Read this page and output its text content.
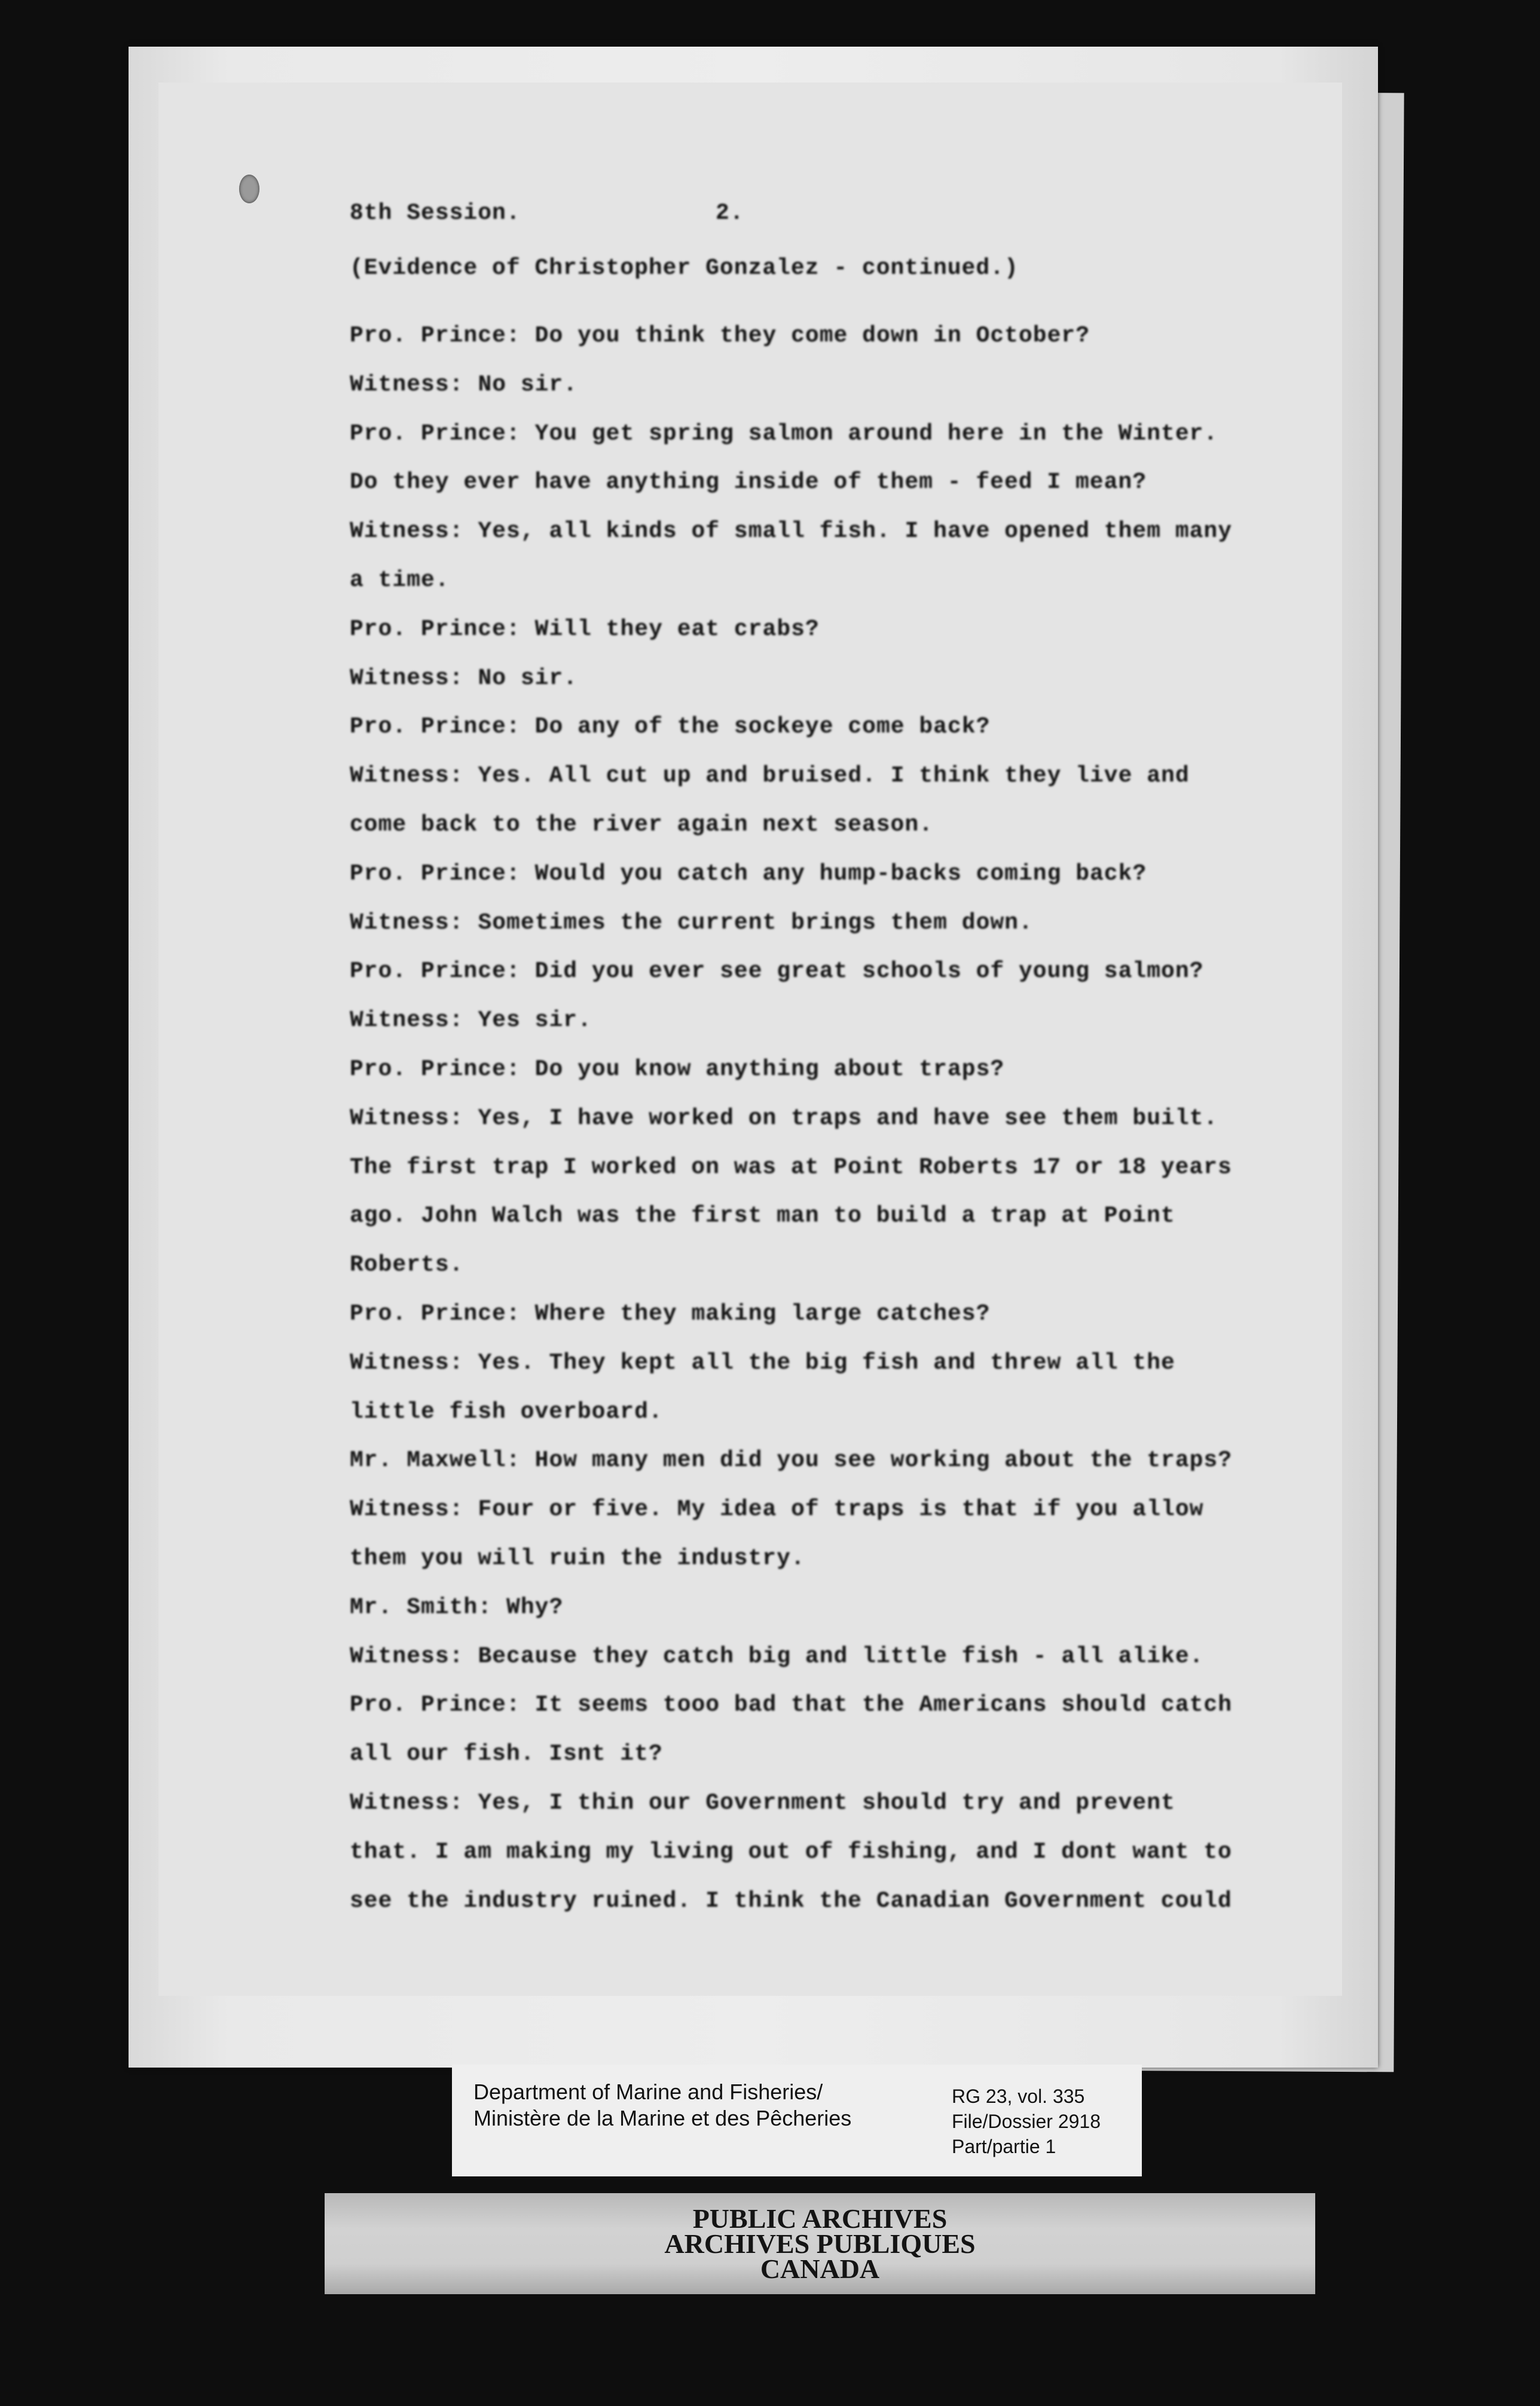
8th Session.	2.
(Evidence of Christopher Gonzalez - continued.)
Pro. Prince: Do you think they come down in October?
Witness: No sir.
Pro. Prince: You get spring salmon around here in the Winter.
Do they ever have anything inside of them - feed I mean?
Witness: Yes, all kinds of small fish. I have opened them many
a time.
Pro. Prince: Will they eat crabs?
Witness: No sir.
Pro. Prince: Do any of the sockeye come back?
Witness: Yes. All cut up and bruised. I think they live and
come back to the river again next season.
Pro. Prince: Would you catch any hump-backs coming back?
Witness: Sometimes the current brings them down.
Pro. Prince: Did you ever see great schools of young salmon?
Witness: Yes sir.
Pro. Prince: Do you know anything about traps?
Witness: Yes, I have worked on traps and have see them built.
The first trap I worked on was at Point Roberts 17 or 18 years
ago. John Walch was the first man to build a trap at Point
Roberts.
Pro. Prince: Where they making large catches?
Witness: Yes. They kept all the big fish and threw all the
little fish overboard.
Mr. Maxwell: How many men did you see working about the traps?
Witness: Four or five. My idea of traps is that if you allow
them you will ruin the industry.
Mr. Smith: Why?
Witness: Because they catch big and little fish - all alike.
Pro. Prince: It seems tooo bad that the Americans should catch
all our fish. Isnt it?
Witness: Yes, I thin our Government should try and prevent
that. I am making my living out of fishing, and I dont want to
see the industry ruined. I think the Canadian Government could
Department of Marine and Fisheries/
Ministère de la Marine et des Pêcheries
RG 23, vol. 335
File/Dossier 2918
Part/partie 1
PUBLIC ARCHIVES
ARCHIVES PUBLIQUES
CANADA
